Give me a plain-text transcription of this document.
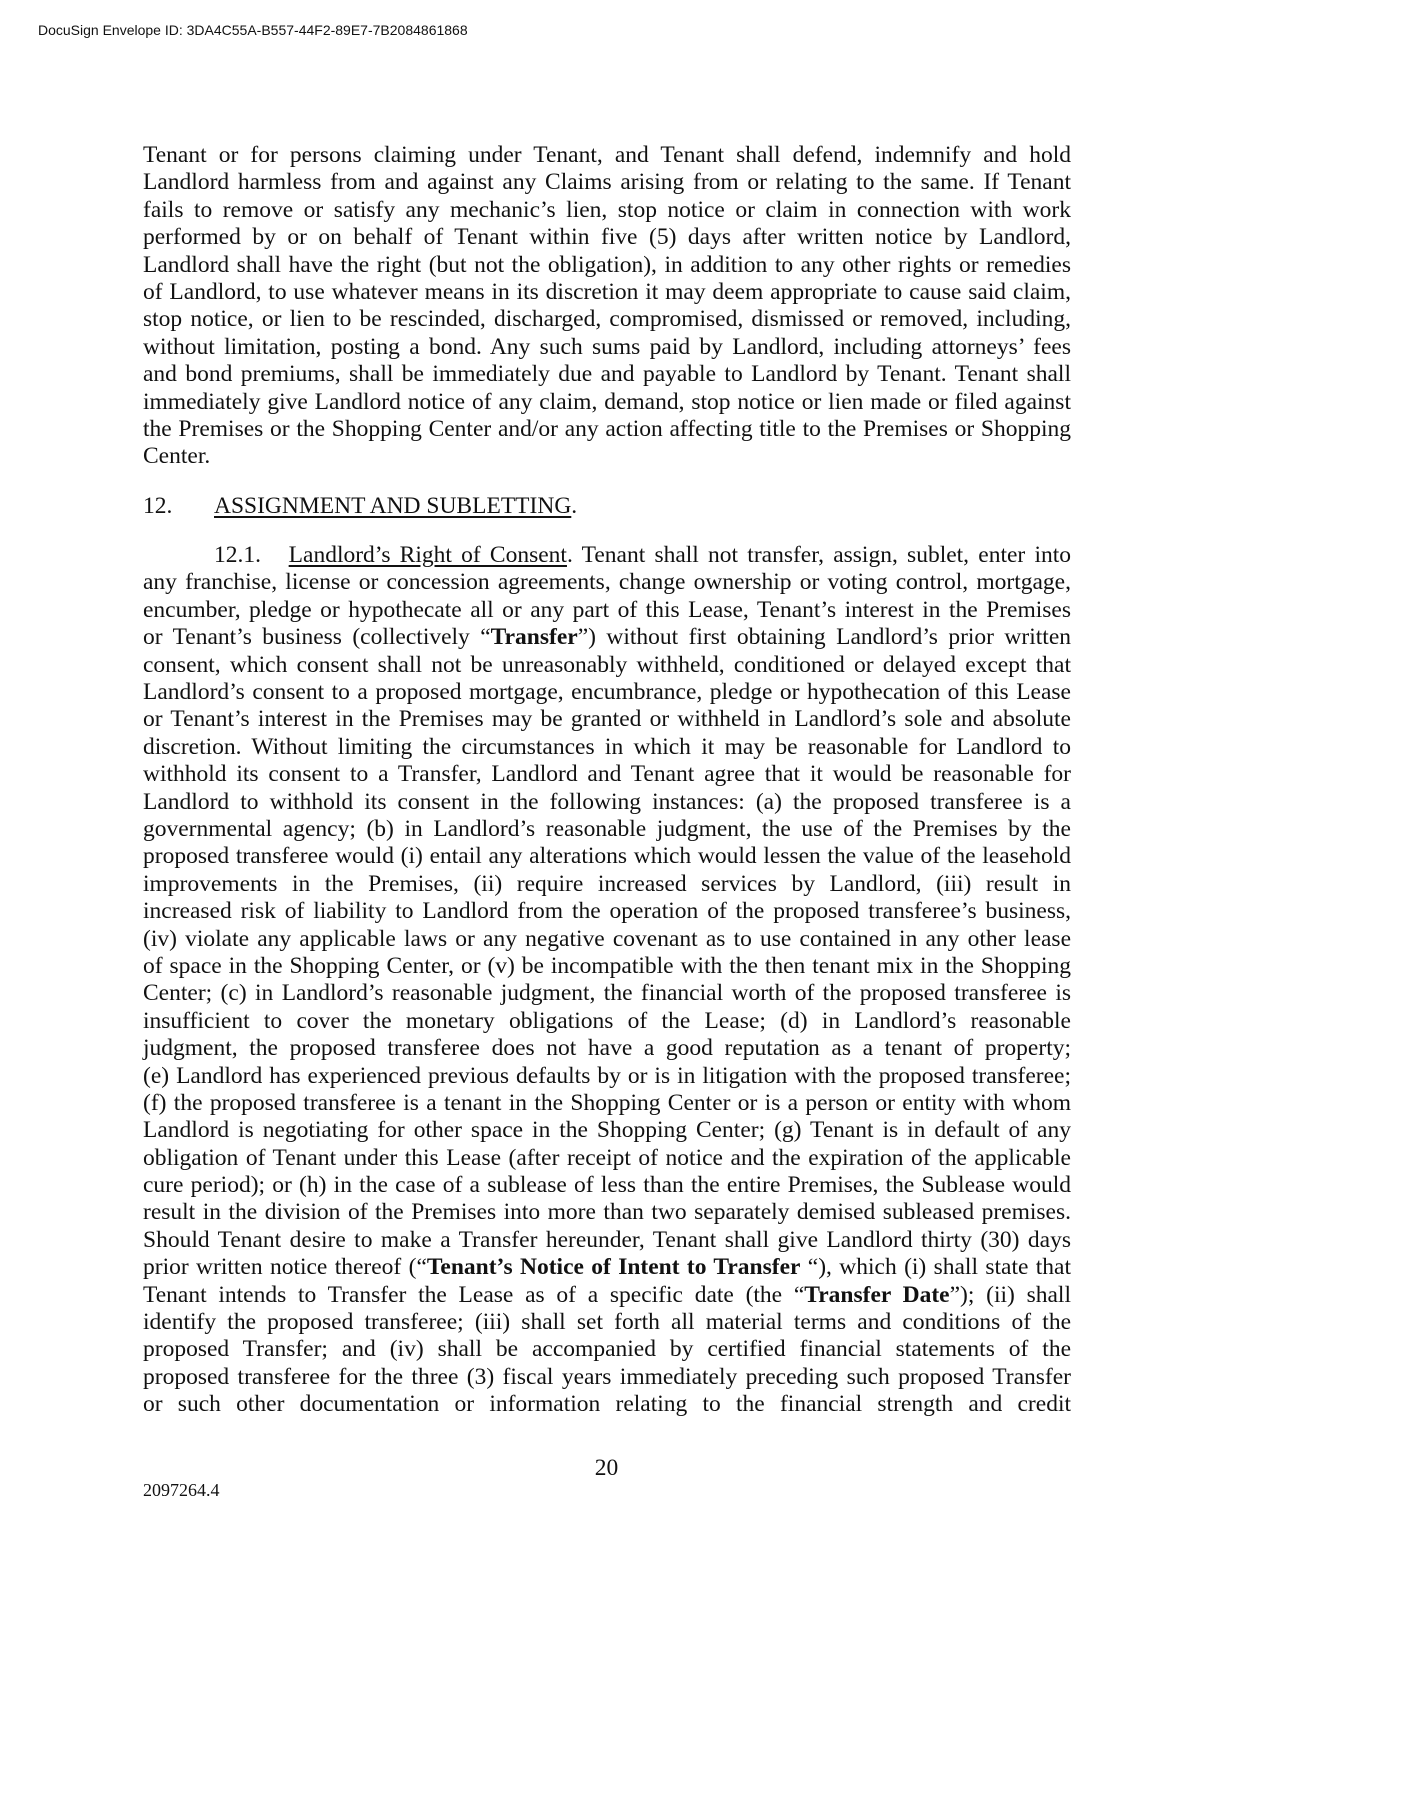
DocuSign Envelope ID: 3DA4C55A-B557-44F2-89E7-7B2084861868
Tenant or for persons claiming under Tenant, and Tenant shall defend, indemnify and hold
Landlord harmless from and against any Claims arising from or relating to the same. If Tenant
fails to remove or satisfy any mechanic’s lien, stop notice or claim in connection with work
performed by or on behalf of Tenant within five (5) days after written notice by Landlord,
Landlord shall have the right (but not the obligation), in addition to any other rights or remedies
of Landlord, to use whatever means in its discretion it may deem appropriate to cause said claim,
stop notice, or lien to be rescinded, discharged, compromised, dismissed or removed, including,
without limitation, posting a bond. Any such sums paid by Landlord, including attorneys’ fees
and bond premiums, shall be immediately due and payable to Landlord by Tenant. Tenant shall
immediately give Landlord notice of any claim, demand, stop notice or lien made or filed against
the Premises or the Shopping Center and/or any action affecting title to the Premises or Shopping
Center.
12. ASSIGNMENT AND SUBLETTING.
12.1. Landlord’s Right of Consent. Tenant shall not transfer, assign, sublet, enter into
any franchise, license or concession agreements, change ownership or voting control, mortgage,
encumber, pledge or hypothecate all or any part of this Lease, Tenant’s interest in the Premises
or Tenant’s business (collectively “Transfer”) without first obtaining Landlord’s prior written
consent, which consent shall not be unreasonably withheld, conditioned or delayed except that
Landlord’s consent to a proposed mortgage, encumbrance, pledge or hypothecation of this Lease
or Tenant’s interest in the Premises may be granted or withheld in Landlord’s sole and absolute
discretion. Without limiting the circumstances in which it may be reasonable for Landlord to
withhold its consent to a Transfer, Landlord and Tenant agree that it would be reasonable for
Landlord to withhold its consent in the following instances: (a) the proposed transferee is a
governmental agency; (b) in Landlord’s reasonable judgment, the use of the Premises by the
proposed transferee would (i) entail any alterations which would lessen the value of the leasehold
improvements in the Premises, (ii) require increased services by Landlord, (iii) result in
increased risk of liability to Landlord from the operation of the proposed transferee’s business,
(iv) violate any applicable laws or any negative covenant as to use contained in any other lease
of space in the Shopping Center, or (v) be incompatible with the then tenant mix in the Shopping
Center; (c) in Landlord’s reasonable judgment, the financial worth of the proposed transferee is
insufficient to cover the monetary obligations of the Lease; (d) in Landlord’s reasonable
judgment, the proposed transferee does not have a good reputation as a tenant of property;
(e) Landlord has experienced previous defaults by or is in litigation with the proposed transferee;
(f) the proposed transferee is a tenant in the Shopping Center or is a person or entity with whom
Landlord is negotiating for other space in the Shopping Center; (g) Tenant is in default of any
obligation of Tenant under this Lease (after receipt of notice and the expiration of the applicable
cure period); or (h) in the case of a sublease of less than the entire Premises, the Sublease would
result in the division of the Premises into more than two separately demised subleased premises.
Should Tenant desire to make a Transfer hereunder, Tenant shall give Landlord thirty (30) days
prior written notice thereof (“Tenant’s Notice of Intent to Transfer “), which (i) shall state that
Tenant intends to Transfer the Lease as of a specific date (the “Transfer Date”); (ii) shall
identify the proposed transferee; (iii) shall set forth all material terms and conditions of the
proposed Transfer; and (iv) shall be accompanied by certified financial statements of the
proposed transferee for the three (3) fiscal years immediately preceding such proposed Transfer
or such other documentation or information relating to the financial strength and credit
20
2097264.4
